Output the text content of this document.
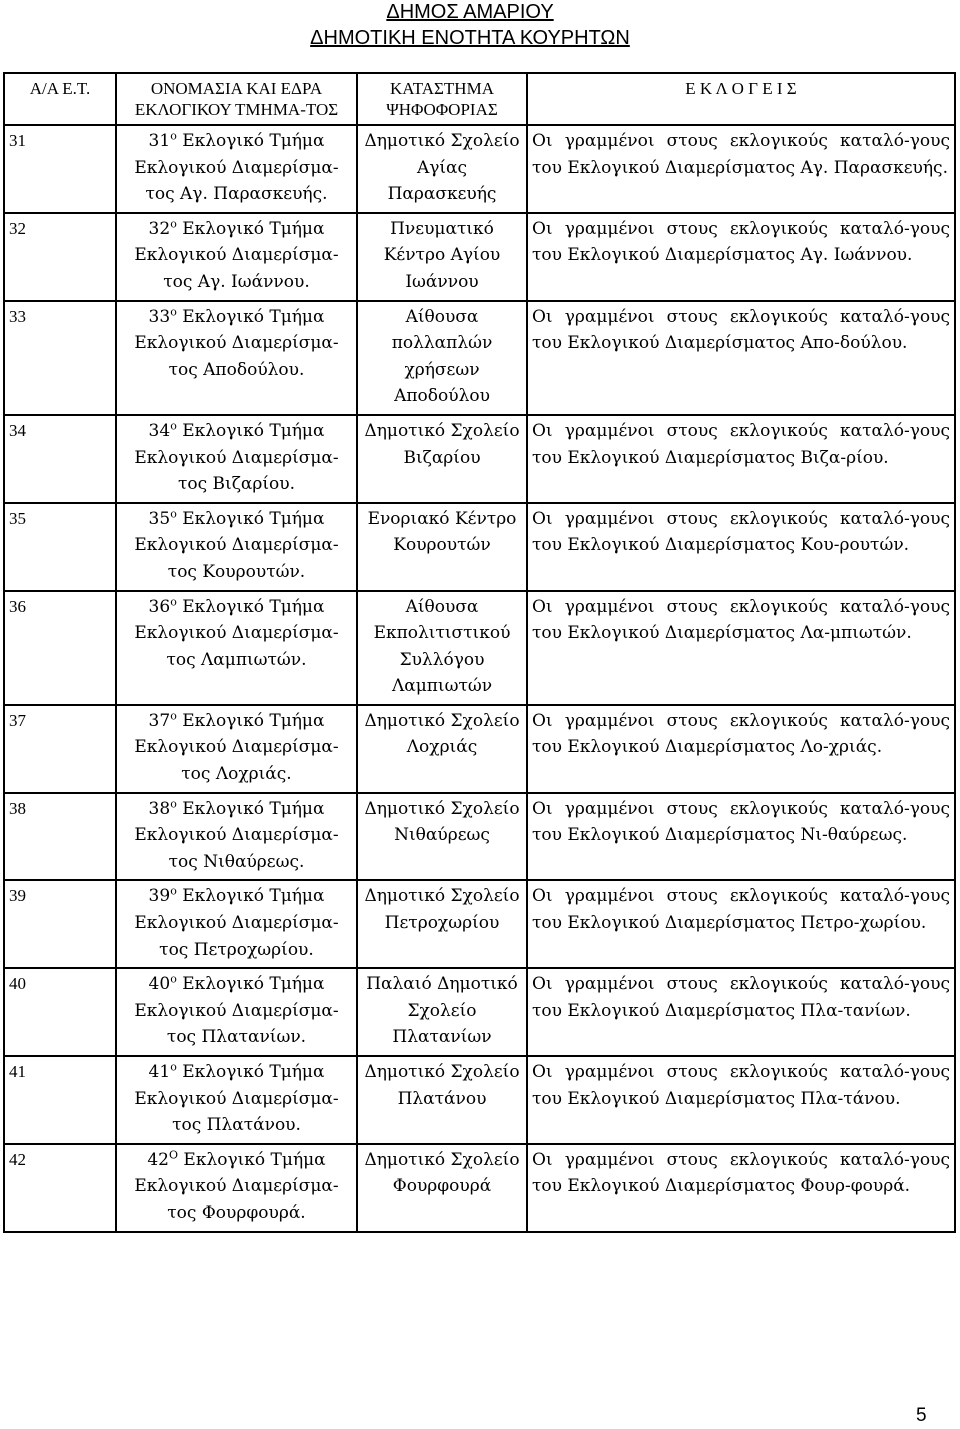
ΔΗΜΟΣ ΑΜΑΡΙΟΥ
ΔΗΜΟΤΙΚΗ ΕΝΟΤΗΤΑ ΚΟΥΡΗΤΩΝ
Α/Α Ε.Τ.	ΟΝΟΜΑΣΙΑ ΚΑΙ ΕΔΡΑ ΕΚΛΟΓΙΚΟΥ ΤΜΗΜΑ-ΤΟΣ	ΚΑΤΑΣΤΗΜΑ ΨΗΦΟΦΟΡΙΑΣ	Ε Κ Λ Ο Γ Ε Ι Σ
31	$31^o$ Εκλογικό Τμήμα Εκλογικού Διαμερίσμα-τος Αγ. Παρασκευής.	Δημοτικό Σχολείο Αγίας Παρασκευής	Οι γραμμένοι στους εκλογικούς καταλό-γους του Εκλογικού Διαμερίσματος Αγ. Παρασκευής.
32	$32^o$ Εκλογικό Τμήμα Εκλογικού Διαμερίσμα-τος Αγ. Ιωάννου.	Πνευματικό Κέντρο Αγίου Ιωάννου	Οι γραμμένοι στους εκλογικούς καταλό-γους του Εκλογικού Διαμερίσματος Αγ. Ιωάννου.
33	$33^o$ Εκλογικό Τμήμα Εκλογικού Διαμερίσμα-τος Αποδούλου.	Αίθουσα πολλαπλών χρήσεων Αποδούλου	Οι γραμμένοι στους εκλογικούς καταλό-γους του Εκλογικού Διαμερίσματος Απο-δούλου.
34	$34^o$ Εκλογικό Τμήμα Εκλογικού Διαμερίσμα-τος Βιζαρίου.	Δημοτικό Σχολείο Βιζαρίου	Οι γραμμένοι στους εκλογικούς καταλό-γους του Εκλογικού Διαμερίσματος Βιζα-ρίου.
35	$35^o$ Εκλογικό Τμήμα Εκλογικού Διαμερίσμα-τος Κουρουτών.	Ενοριακό Κέντρο Κουρουτών	Οι γραμμένοι στους εκλογικούς καταλό-γους του Εκλογικού Διαμερίσματος Κου-ρουτών.
36	$36^o$ Εκλογικό Τμήμα Εκλογικού Διαμερίσμα-τος Λαμπιωτών.	Αίθουσα Εκπολιτιστικού Συλλόγου Λαμπιωτών	Οι γραμμένοι στους εκλογικούς καταλό-γους του Εκλογικού Διαμερίσματος Λα-μπιωτών.
37	$37^o$ Εκλογικό Τμήμα Εκλογικού Διαμερίσμα-τος Λοχριάς.	Δημοτικό Σχολείο Λοχριάς	Οι γραμμένοι στους εκλογικούς καταλό-γους του Εκλογικού Διαμερίσματος Λο-χριάς.
38	$38^o$ Εκλογικό Τμήμα Εκλογικού Διαμερίσμα-τος Νιθαύρεως.	Δημοτικό Σχολείο Νιθαύρεως	Οι γραμμένοι στους εκλογικούς καταλό-γους του Εκλογικού Διαμερίσματος Νι-θαύρεως.
39	$39^o$ Εκλογικό Τμήμα Εκλογικού Διαμερίσμα-τος Πετροχωρίου.	Δημοτικό Σχολείο Πετροχωρίου	Οι γραμμένοι στους εκλογικούς καταλό-γους του Εκλογικού Διαμερίσματος Πετρο-χωρίου.
40	$40^o$ Εκλογικό Τμήμα Εκλογικού Διαμερίσμα-τος Πλατανίων.	Παλαιό Δημοτικό Σχολείο Πλατανίων	Οι γραμμένοι στους εκλογικούς καταλό-γους του Εκλογικού Διαμερίσματος Πλα-τανίων.
41	$41^o$ Εκλογικό Τμήμα Εκλογικού Διαμερίσμα-τος Πλατάνου.	Δημοτικό Σχολείο Πλατάνου	Οι γραμμένοι στους εκλογικούς καταλό-γους του Εκλογικού Διαμερίσματος Πλα-τάνου.
42	$42^O$ Εκλογικό Τμήμα Εκλογικού Διαμερίσμα-τος Φουρφουρά.	Δημοτικό Σχολείο Φουρφουρά	Οι γραμμένοι στους εκλογικούς καταλό-γους του Εκλογικού Διαμερίσματος Φουρ-φουρά.
5
